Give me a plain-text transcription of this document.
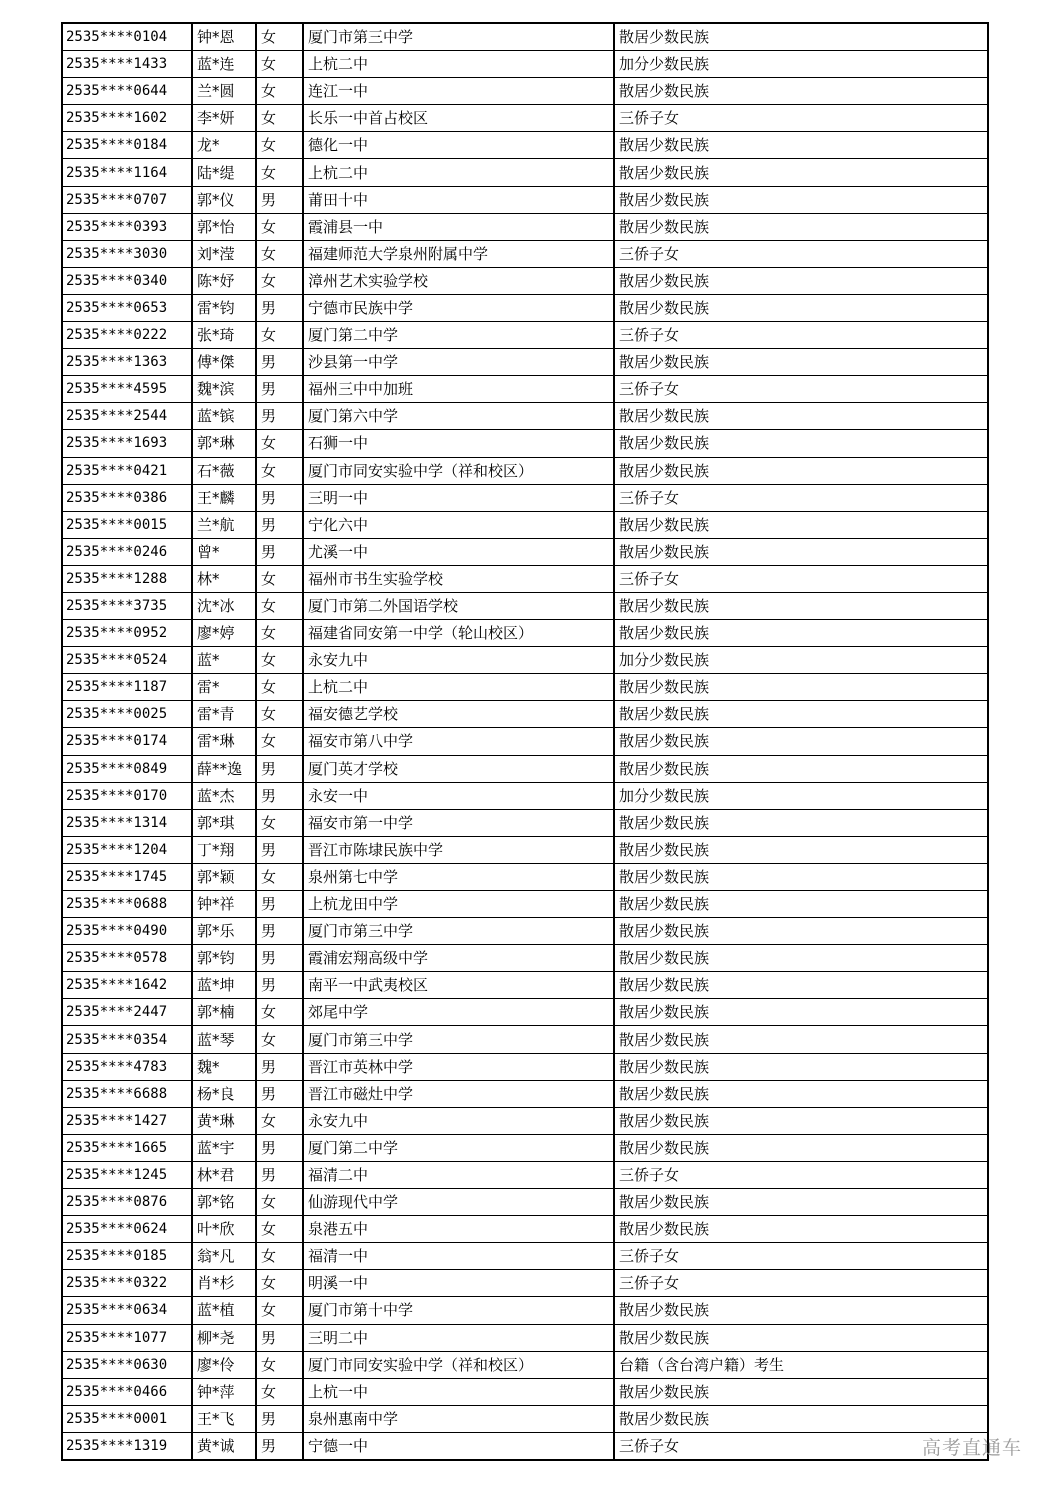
2535****0104	钟*恩	女	厦门市第三中学	散居少数民族
2535****1433	蓝*连	女	上杭二中	加分少数民族
2535****0644	兰*圆	女	连江一中	散居少数民族
2535****1602	李*妍	女	长乐一中首占校区	三侨子女
2535****0184	龙*	女	德化一中	散居少数民族
2535****1164	陆*缇	女	上杭二中	散居少数民族
2535****0707	郭*仪	男	莆田十中	散居少数民族
2535****0393	郭*怡	女	霞浦县一中	散居少数民族
2535****3030	刘*滢	女	福建师范大学泉州附属中学	三侨子女
2535****0340	陈*妤	女	漳州艺术实验学校	散居少数民族
2535****0653	雷*钧	男	宁德市民族中学	散居少数民族
2535****0222	张*琦	女	厦门第二中学	三侨子女
2535****1363	傅*傑	男	沙县第一中学	散居少数民族
2535****4595	魏*滨	男	福州三中中加班	三侨子女
2535****2544	蓝*镔	男	厦门第六中学	散居少数民族
2535****1693	郭*琳	女	石狮一中	散居少数民族
2535****0421	石*薇	女	厦门市同安实验中学（祥和校区）	散居少数民族
2535****0386	王*麟	男	三明一中	三侨子女
2535****0015	兰*航	男	宁化六中	散居少数民族
2535****0246	曾*	男	尤溪一中	散居少数民族
2535****1288	林*	女	福州市书生实验学校	三侨子女
2535****3735	沈*冰	女	厦门市第二外国语学校	散居少数民族
2535****0952	廖*婷	女	福建省同安第一中学（轮山校区）	散居少数民族
2535****0524	蓝*	女	永安九中	加分少数民族
2535****1187	雷*	女	上杭二中	散居少数民族
2535****0025	雷*青	女	福安德艺学校	散居少数民族
2535****0174	雷*琳	女	福安市第八中学	散居少数民族
2535****0849	薛**逸	男	厦门英才学校	散居少数民族
2535****0170	蓝*杰	男	永安一中	加分少数民族
2535****1314	郭*琪	女	福安市第一中学	散居少数民族
2535****1204	丁*翔	男	晋江市陈埭民族中学	散居少数民族
2535****1745	郭*颖	女	泉州第七中学	散居少数民族
2535****0688	钟*祥	男	上杭龙田中学	散居少数民族
2535****0490	郭*乐	男	厦门市第三中学	散居少数民族
2535****0578	郭*钧	男	霞浦宏翔高级中学	散居少数民族
2535****1642	蓝*坤	男	南平一中武夷校区	散居少数民族
2535****2447	郭*楠	女	郊尾中学	散居少数民族
2535****0354	蓝*琴	女	厦门市第三中学	散居少数民族
2535****4783	魏*	男	晋江市英林中学	散居少数民族
2535****6688	杨*良	男	晋江市磁灶中学	散居少数民族
2535****1427	黄*琳	女	永安九中	散居少数民族
2535****1665	蓝*宇	男	厦门第二中学	散居少数民族
2535****1245	林*君	男	福清二中	三侨子女
2535****0876	郭*铭	女	仙游现代中学	散居少数民族
2535****0624	叶*欣	女	泉港五中	散居少数民族
2535****0185	翁*凡	女	福清一中	三侨子女
2535****0322	肖*杉	女	明溪一中	三侨子女
2535****0634	蓝*植	女	厦门市第十中学	散居少数民族
2535****1077	柳*尧	男	三明二中	散居少数民族
2535****0630	廖*伶	女	厦门市同安实验中学（祥和校区）	台籍（含台湾户籍）考生
2535****0466	钟*萍	女	上杭一中	散居少数民族
2535****0001	王*飞	男	泉州惠南中学	散居少数民族
2535****1319	黄*诚	男	宁德一中	三侨子女	高考直通车
